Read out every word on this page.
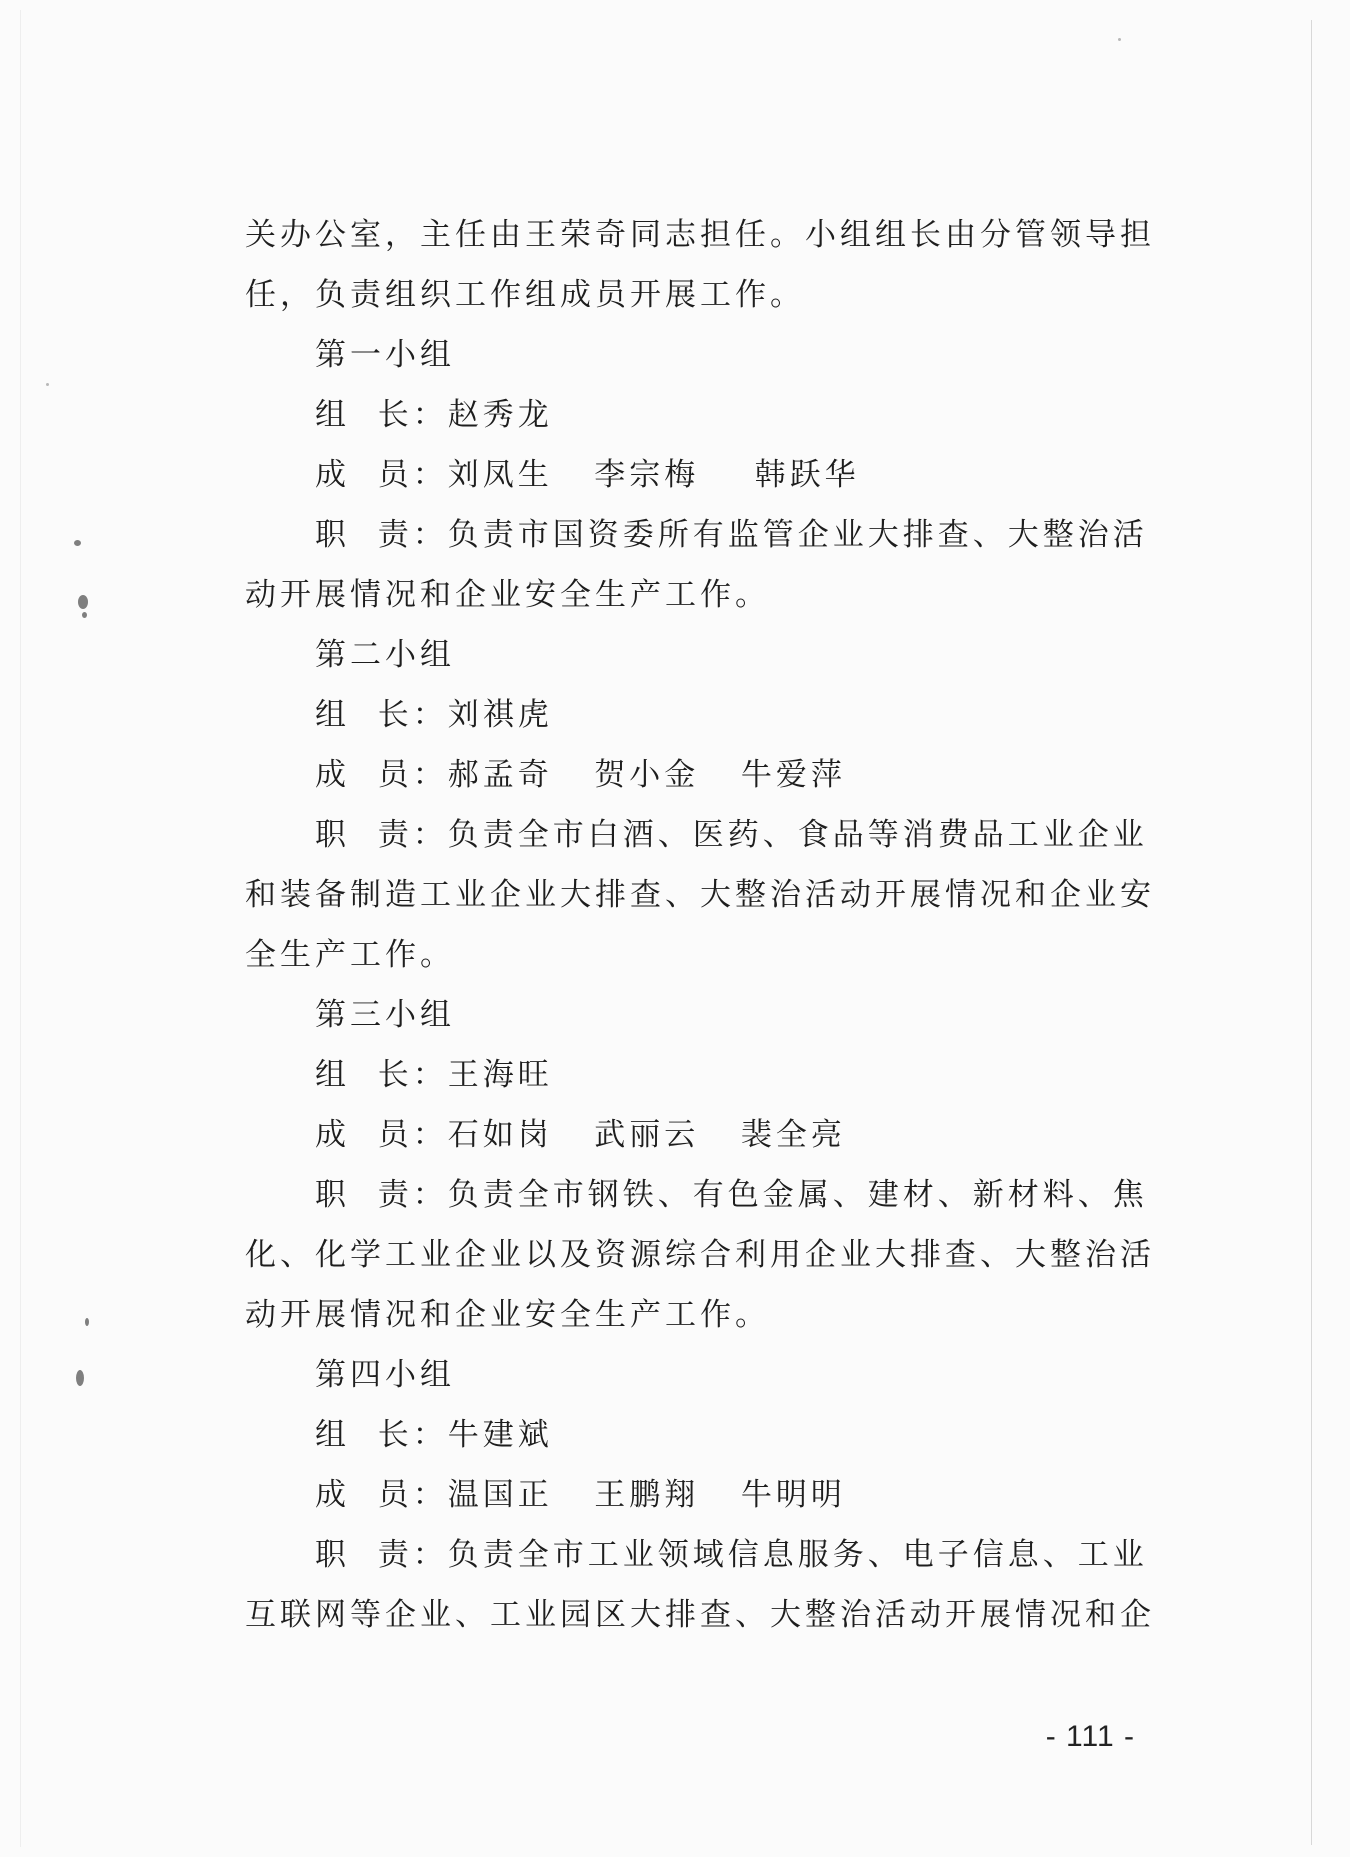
关办公室，主任由王荣奇同志担任。小组组长由分管领导担
任，负责组织工作组成员开展工作。
第一小组
组  长：赵秀龙
成  员：刘凤生   李宗梅    韩跃华
职  责：负责市国资委所有监管企业大排查、大整治活
动开展情况和企业安全生产工作。
第二小组
组  长：刘祺虎
成  员：郝孟奇   贺小金   牛爱萍
职  责：负责全市白酒、医药、食品等消费品工业企业
和装备制造工业企业大排查、大整治活动开展情况和企业安
全生产工作。
第三小组
组  长：王海旺
成  员：石如岗   武丽云   裴全亮
职  责：负责全市钢铁、有色金属、建材、新材料、焦
化、化学工业企业以及资源综合利用企业大排查、大整治活
动开展情况和企业安全生产工作。
第四小组
组  长：牛建斌
成  员：温国正   王鹏翔   牛明明
职  责：负责全市工业领域信息服务、电子信息、工业
互联网等企业、工业园区大排查、大整治活动开展情况和企
- 111 -
